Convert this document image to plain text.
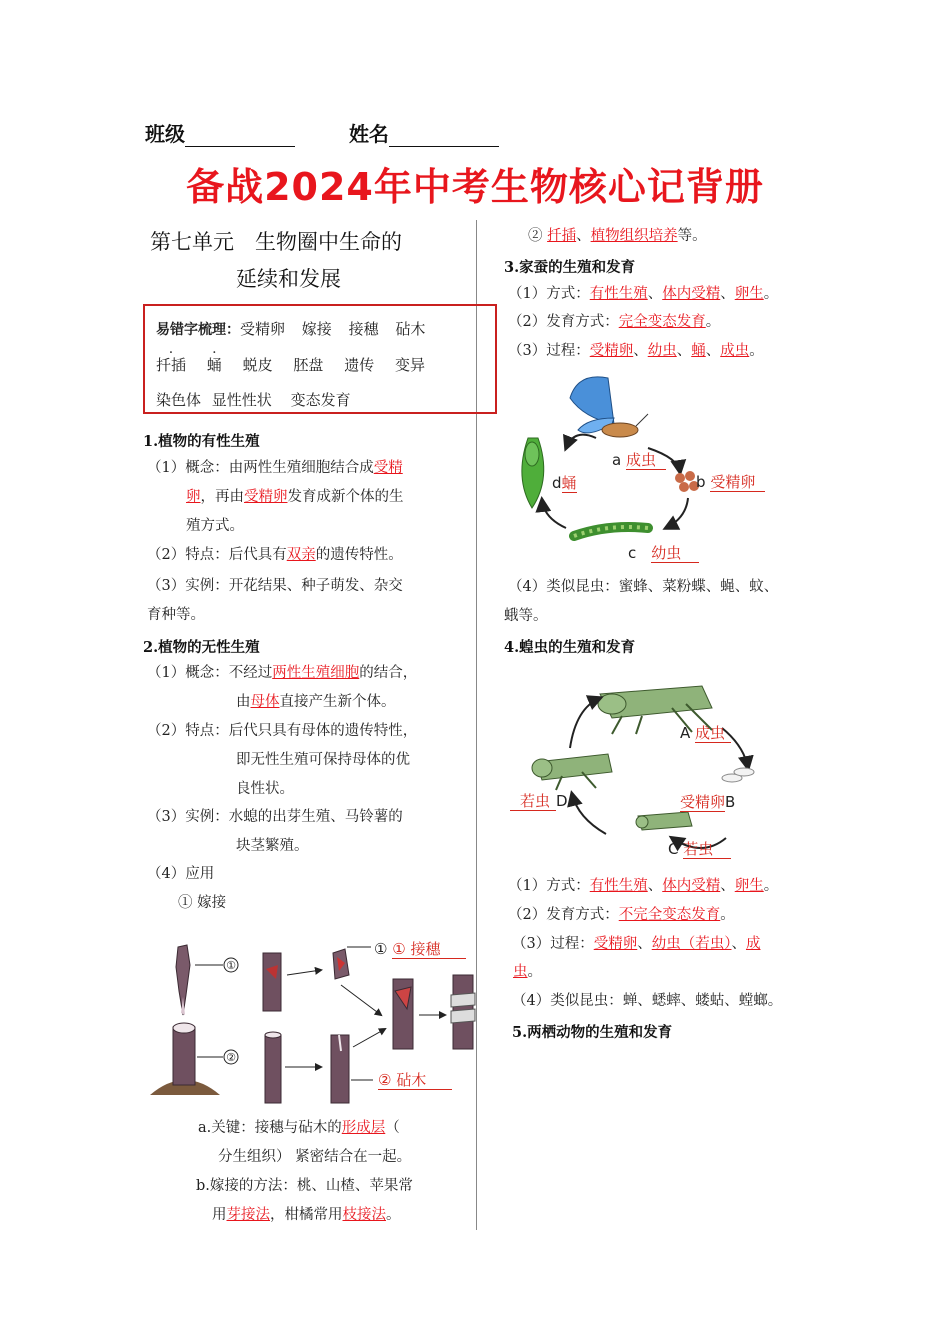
班级	姓名
备战2024年中考生物核心记背册
第七单元　生物圈中生命的
延续和发展
易错字梳理：受精卵 嫁接 接穗 砧木
扦插 蛹 蜕皮 胚盘 遗传 变异
染色体 显性性状 变态发育
1.植物的有性生殖
（1）概念：由两性生殖细胞结合成受精
卵，再由受精卵发育成新个体的生
殖方式。
（2）特点：后代具有双亲的遗传特性。
（3）实例：开花结果、种子萌发、杂交
育种等。
2.植物的无性生殖
（1）概念：不经过两性生殖细胞的结合，
由母体直接产生新个体。
（2）特点：后代只具有母体的遗传特性，
即无性生殖可保持母体的优
良性状。
（3）实例：水螅的出芽生殖、马铃薯的
块茎繁殖。
（4）应用
① 嫁接
①
②
① ① 接穗
② 砧木
a.关键：接穗与砧木的形成层（
分生组织） 紧密结合在一起。
b.嫁接的方法：桃、山楂、苹果常
用芽接法，柑橘常用枝接法。
② 扦插、植物组织培养等。
3.家蚕的生殖和发育
（1）方式：有性生殖、体内受精、卵生。
（2）发育方式：完全变态发育。
（3）过程：受精卵、幼虫、蛹、成虫。
a 成虫
b 受精卵
c　 幼虫
d蛹
（4）类似昆虫：蜜蜂、菜粉蝶、蝇、蚊、
蛾等。
4.蝗虫的生殖和发育
A 成虫
受精卵B
C 若虫
若虫 D
（1）方式：有性生殖、体内受精、卵生。
（2）发育方式：不完全变态发育。
（3）过程：受精卵、幼虫（若虫）、成
虫。
（4）类似昆虫：蝉、蟋蟀、蝼蛄、螳螂。
5.两栖动物的生殖和发育
